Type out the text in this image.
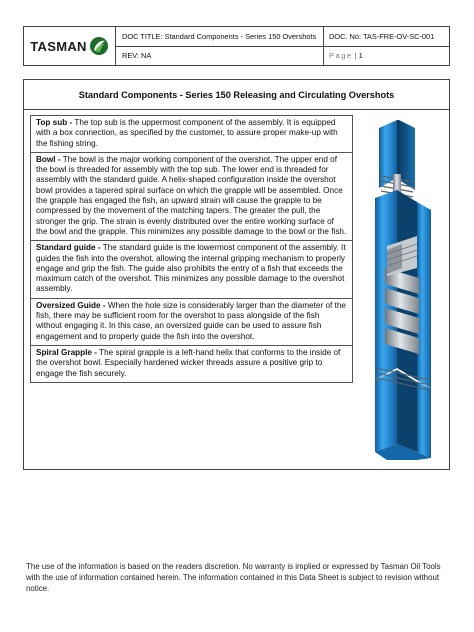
TASMAN
DOC TITLE: Standard Components - Series 150 Overshots	DOC. No: TAS-FRE-OV-SC-001
REV: NA	Page | 1
Standard Components - Series 150 Releasing and Circulating Overshots
Top sub - The top sub is the uppermost component of the assembly. It is equipped with a box connection, as specified by the customer, to assure proper make-up with the fishing string.
Bowl - The bowl is the major working component of the overshot. The upper end of the bowl is threaded for assembly with the top sub. The lower end is threaded for assembly with the standard guide. A helix-shaped configuration inside the overshot bowl provides a tapered spiral surface on which the grapple will be assembled. Once the grapple has engaged the fish, an upward strain will cause the grapple to be compressed by the movement of the matching tapers. The greater the pull, the stronger the grip. The strain is evenly distributed over the entire working surface of the bowl and the grapple. This minimizes any possible damage to the bowl or the fish.
Standard guide - The standard guide is the lowermost component of the assembly. It guides the fish into the overshot, allowing the internal gripping mechanism to properly engage and grip the fish. The guide also prohibits the entry of a fish that exceeds the maximum catch of the overshot. This minimizes any possible damage to the overshot assembly.
Oversized Guide - When the hole size is considerably larger than the diameter of the fish, there may be sufficient room for the overshot to pass alongside of the fish without engaging it. In this case, an oversized guide can be used to assure fish engagement and to properly guide the fish into the overshot.
Spiral Grapple - The spiral grapple is a left-hand helix that conforms to the inside of the overshot bowl. Especially hardened wicker threads assure a positive grip to engage the fish securely.
The use of the information is based on the readers discretion. No warranty is implied or expressed by Tasman Oil Tools with the use of information contained herein. The information contained in this Data Sheet is subject to revision without notice.
